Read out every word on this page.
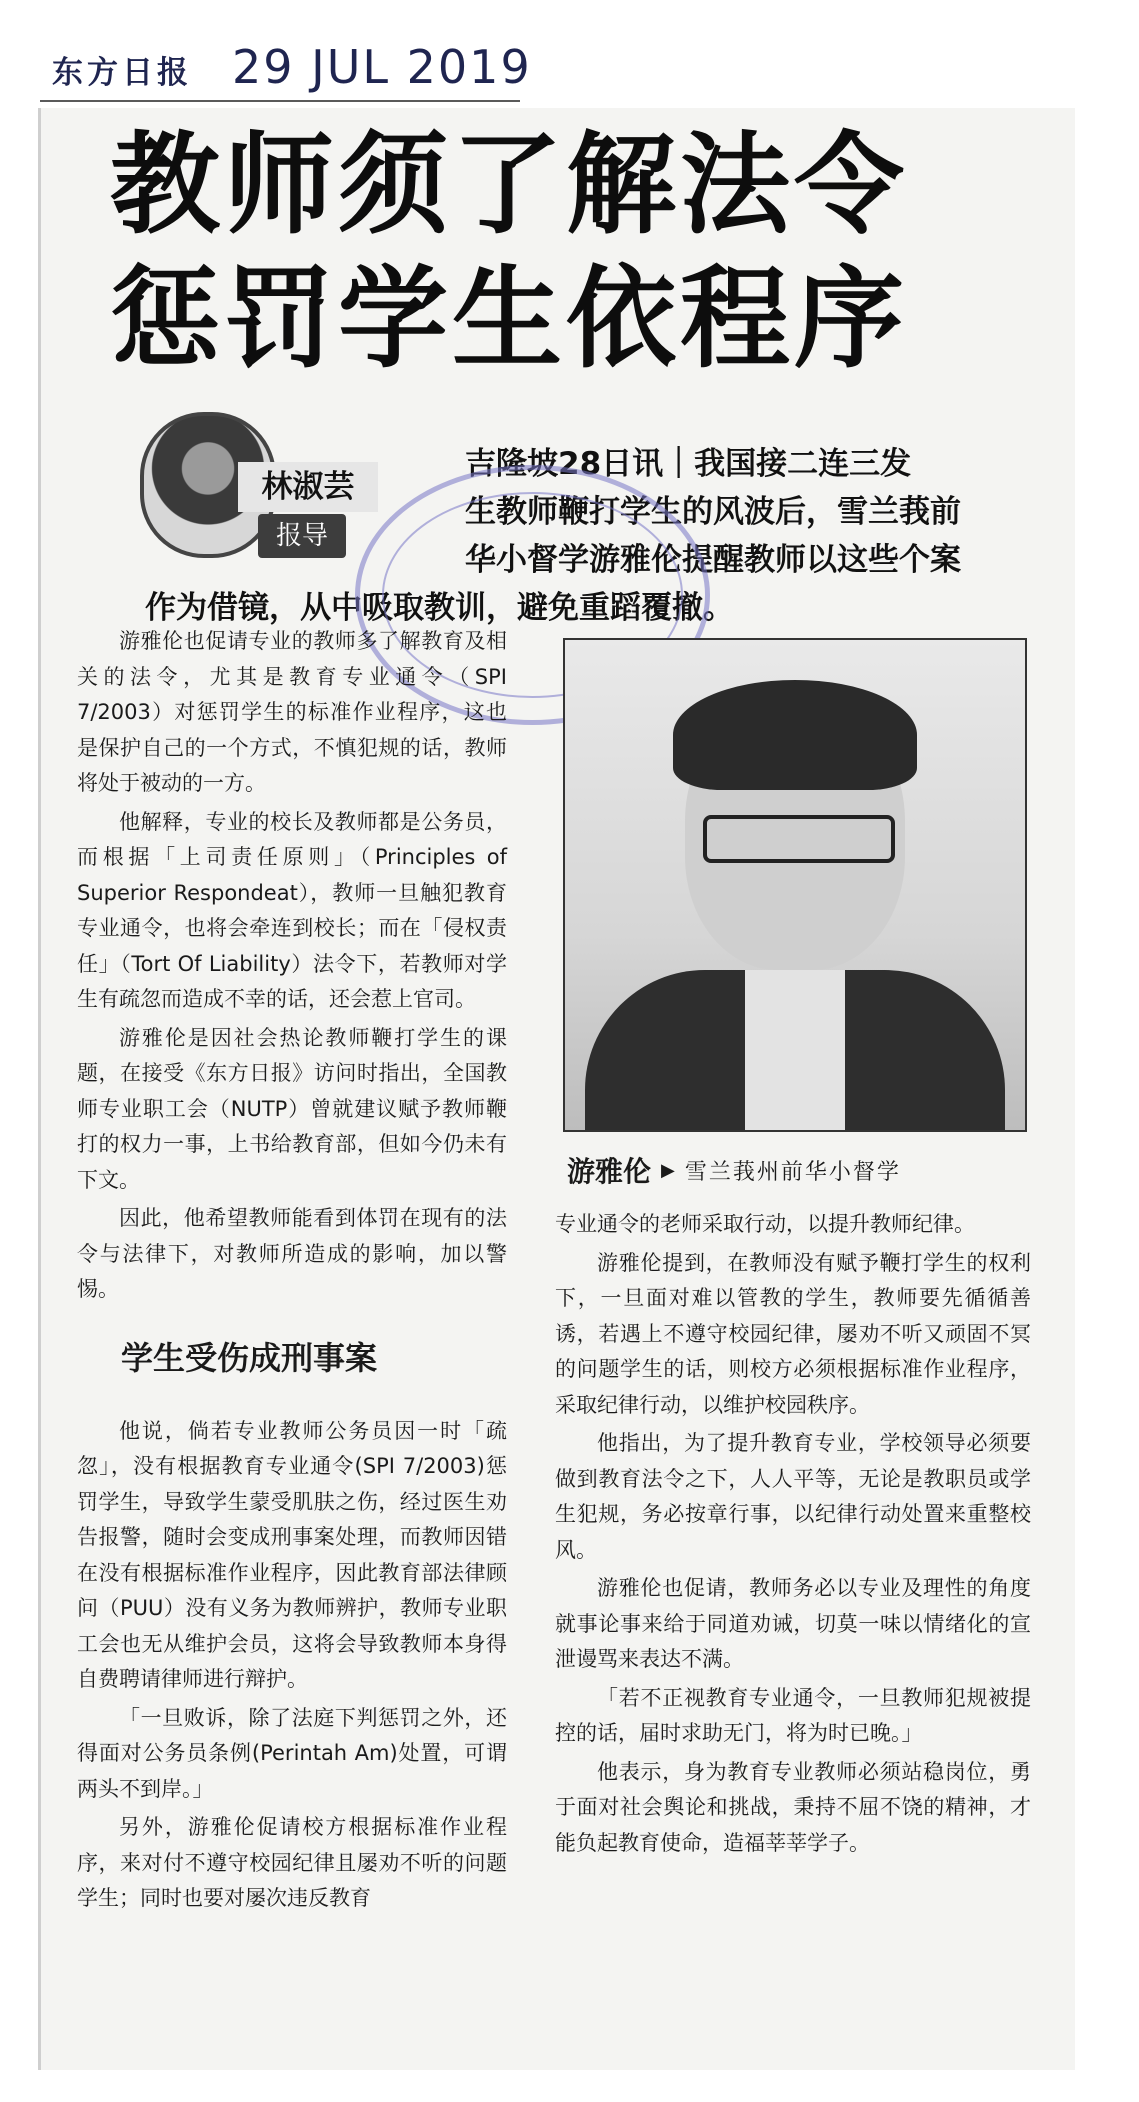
东方日报 29 JUL 2019
教师须了解法令
惩罚学生依程序
林淑芸
报导
吉隆坡28日讯｜我国接二连三发
生教师鞭打学生的风波后，雪兰莪前
华小督学游雅伦提醒教师以这些个案
作为借镜，从中吸取教训，避免重蹈覆撤。

游雅伦也促请专业的教师多了解教育及相关的法令，尤其是教育专业通令（SPI 7/2003）对惩罚学生的标准作业程序，这也是保护自己的一个方式，不慎犯规的话，教师将处于被动的一方。

他解释，专业的校长及教师都是公务员，而根据「上司责任原则」（Principles of Superior Respondeat），教师一旦触犯教育专业通令，也将会牵连到校长；而在「侵权责任」（Tort Of Liability）法令下，若教师对学生有疏忽而造成不幸的话，还会惹上官司。

游雅伦是因社会热论教师鞭打学生的课题，在接受《东方日报》访问时指出，全国教师专业职工会（NUTP）曾就建议赋予教师鞭打的权力一事，上书给教育部，但如今仍未有下文。

因此，他希望教师能看到体罚在现有的法令与法律下，对教师所造成的影响，加以警惕。

学生受伤成刑事案

他说，倘若专业教师公务员因一时「疏忽」，没有根据教育专业通令(SPI 7/2003)惩罚学生，导致学生蒙受肌肤之伤，经过医生劝告报警，随时会变成刑事案处理，而教师因错在没有根据标准作业程序，因此教育部法律顾问（PUU）没有义务为教师辨护，教师专业职工会也无从维护会员，这将会导致教师本身得自费聘请律师进行辩护。

「一旦败诉，除了法庭下判惩罚之外，还得面对公务员条例(Perintah Am)处置，可谓两头不到岸。」

另外，游雅伦促请校方根据标准作业程序，来对付不遵守校园纪律且屡劝不听的问题学生；同时也要对屡次违反教育

游雅伦 ▶ 雪兰莪州前华小督学

专业通令的老师采取行动，以提升教师纪律。

游雅伦提到，在教师没有赋予鞭打学生的权利下，一旦面对难以管教的学生，教师要先循循善诱，若遇上不遵守校园纪律，屡劝不听又顽固不冥的问题学生的话，则校方必须根据标准作业程序，采取纪律行动，以维护校园秩序。

他指出，为了提升教育专业，学校领导必须要做到教育法令之下，人人平等，无论是教职员或学生犯规，务必按章行事，以纪律行动处置来重整校风。

游雅伦也促请，教师务必以专业及理性的角度就事论事来给于同道劝诫，切莫一味以情绪化的宣泄谩骂来表达不满。

「若不正视教育专业通令，一旦教师犯规被提控的话，届时求助无门，将为时已晚。」

他表示，身为教育专业教师必须站稳岗位，勇于面对社会舆论和挑战，秉持不屈不饶的精神，才能负起教育使命，造福莘莘学子。
